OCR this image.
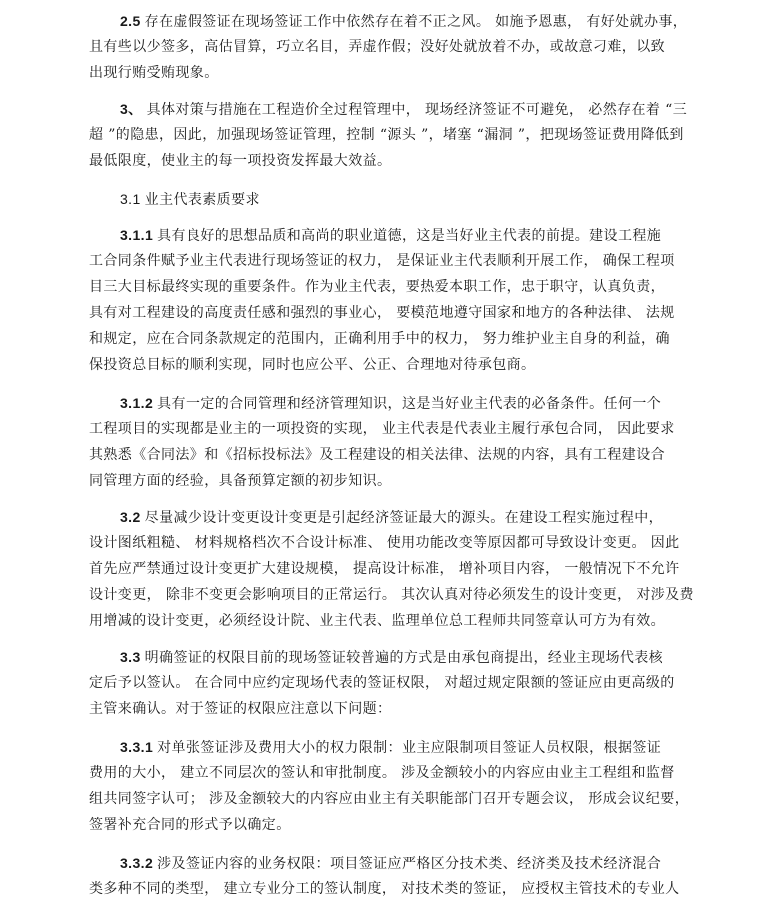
2.5 存在虚假签证在现场签证工作中依然存在着不正之风。 如施予恩惠， 有好处就办事，
且有些以少签多，高估冒算，巧立名目，弄虚作假；没好处就放着不办，或故意刁难，以致
出现行贿受贿现象。
3、 具体对策与措施在工程造价全过程管理中， 现场经济签证不可避免， 必然存在着 “三
超 ”的隐患，因此，加强现场签证管理，控制 “源头 ”，堵塞 “漏洞 ”，把现场签证费用降低到
最低限度，使业主的每一项投资发挥最大效益。
3.1 业主代表素质要求
3.1.1 具有良好的思想品质和高尚的职业道德，这是当好业主代表的前提。建设工程施
工合同条件赋予业主代表进行现场签证的权力， 是保证业主代表顺利开展工作， 确保工程项
目三大目标最终实现的重要条件。作为业主代表，要热爱本职工作，忠于职守，认真负责，
具有对工程建设的高度责任感和强烈的事业心， 要模范地遵守国家和地方的各种法律、 法规
和规定，应在合同条款规定的范围内，正确利用手中的权力， 努力维护业主自身的利益，确
保投资总目标的顺利实现，同时也应公平、公正、合理地对待承包商。
3.1.2 具有一定的合同管理和经济管理知识，这是当好业主代表的必备条件。任何一个
工程项目的实现都是业主的一项投资的实现， 业主代表是代表业主履行承包合同， 因此要求
其熟悉《合同法》和《招标投标法》及工程建设的相关法律、法规的内容，具有工程建设合
同管理方面的经验，具备预算定额的初步知识。
3.2 尽量减少设计变更设计变更是引起经济签证最大的源头。在建设工程实施过程中，
设计图纸粗糙、 材料规格档次不合设计标准、 使用功能改变等原因都可导致设计变更。 因此
首先应严禁通过设计变更扩大建设规模， 提高设计标准， 增补项目内容， 一般情况下不允许
设计变更， 除非不变更会影响项目的正常运行。 其次认真对待必须发生的设计变更， 对涉及费
用增减的设计变更，必须经设计院、业主代表、监理单位总工程师共同签章认可方为有效。
3.3 明确签证的权限目前的现场签证较普遍的方式是由承包商提出，经业主现场代表核
定后予以签认。 在合同中应约定现场代表的签证权限， 对超过规定限额的签证应由更高级的
主管来确认。对于签证的权限应注意以下问题：
3.3.1 对单张签证涉及费用大小的权力限制：业主应限制项目签证人员权限，根据签证
费用的大小， 建立不同层次的签认和审批制度。 涉及金额较小的内容应由业主工程组和监督
组共同签字认可； 涉及金额较大的内容应由业主有关职能部门召开专题会议， 形成会议纪要，
签署补充合同的形式予以确定。
3.3.2 涉及签证内容的业务权限：项目签证应严格区分技术类、经济类及技术经济混合
类多种不同的类型， 建立专业分工的签认制度， 对技术类的签证， 应授权主管技术的专业人
